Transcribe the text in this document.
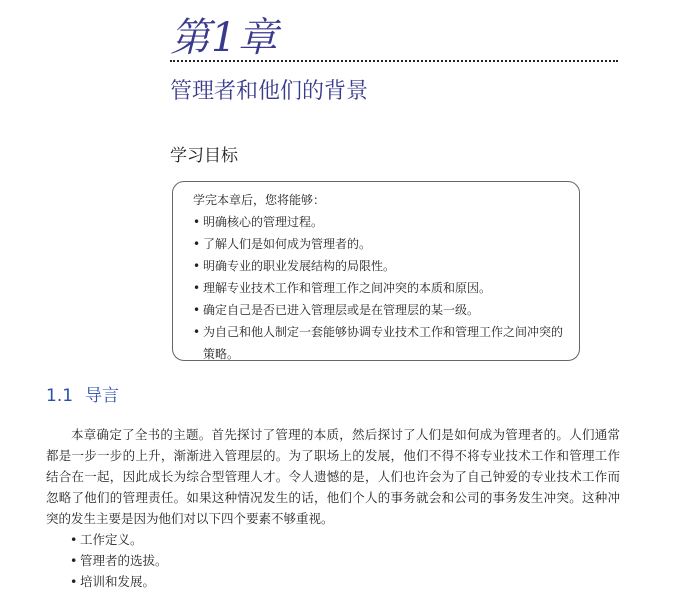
第1章
管理者和他们的背景
学习目标
学完本章后，您将能够：
• 明确核心的管理过程。
• 了解人们是如何成为管理者的。
• 明确专业的职业发展结构的局限性。
• 理解专业技术工作和管理工作之间冲突的本质和原因。
• 确定自己是否已进入管理层或是在管理层的某一级。
• 为自己和他人制定一套能够协调专业技术工作和管理工作之间冲突的策略。
1.1 导言

本章确定了全书的主题。首先探讨了管理的本质，然后探讨了人们是如何成为管理者的。人们通常都是一步一步的上升，渐渐进入管理层的。为了职场上的发展，他们不得不将专业技术工作和管理工作结合在一起，因此成长为综合型管理人才。令人遗憾的是，人们也许会为了自己钟爱的专业技术工作而忽略了他们的管理责任。如果这种情况发生的话，他们个人的事务就会和公司的事务发生冲突。这种冲突的发生主要是因为他们对以下四个要素不够重视。

• 工作定义。
• 管理者的选拔。
• 培训和发展。
